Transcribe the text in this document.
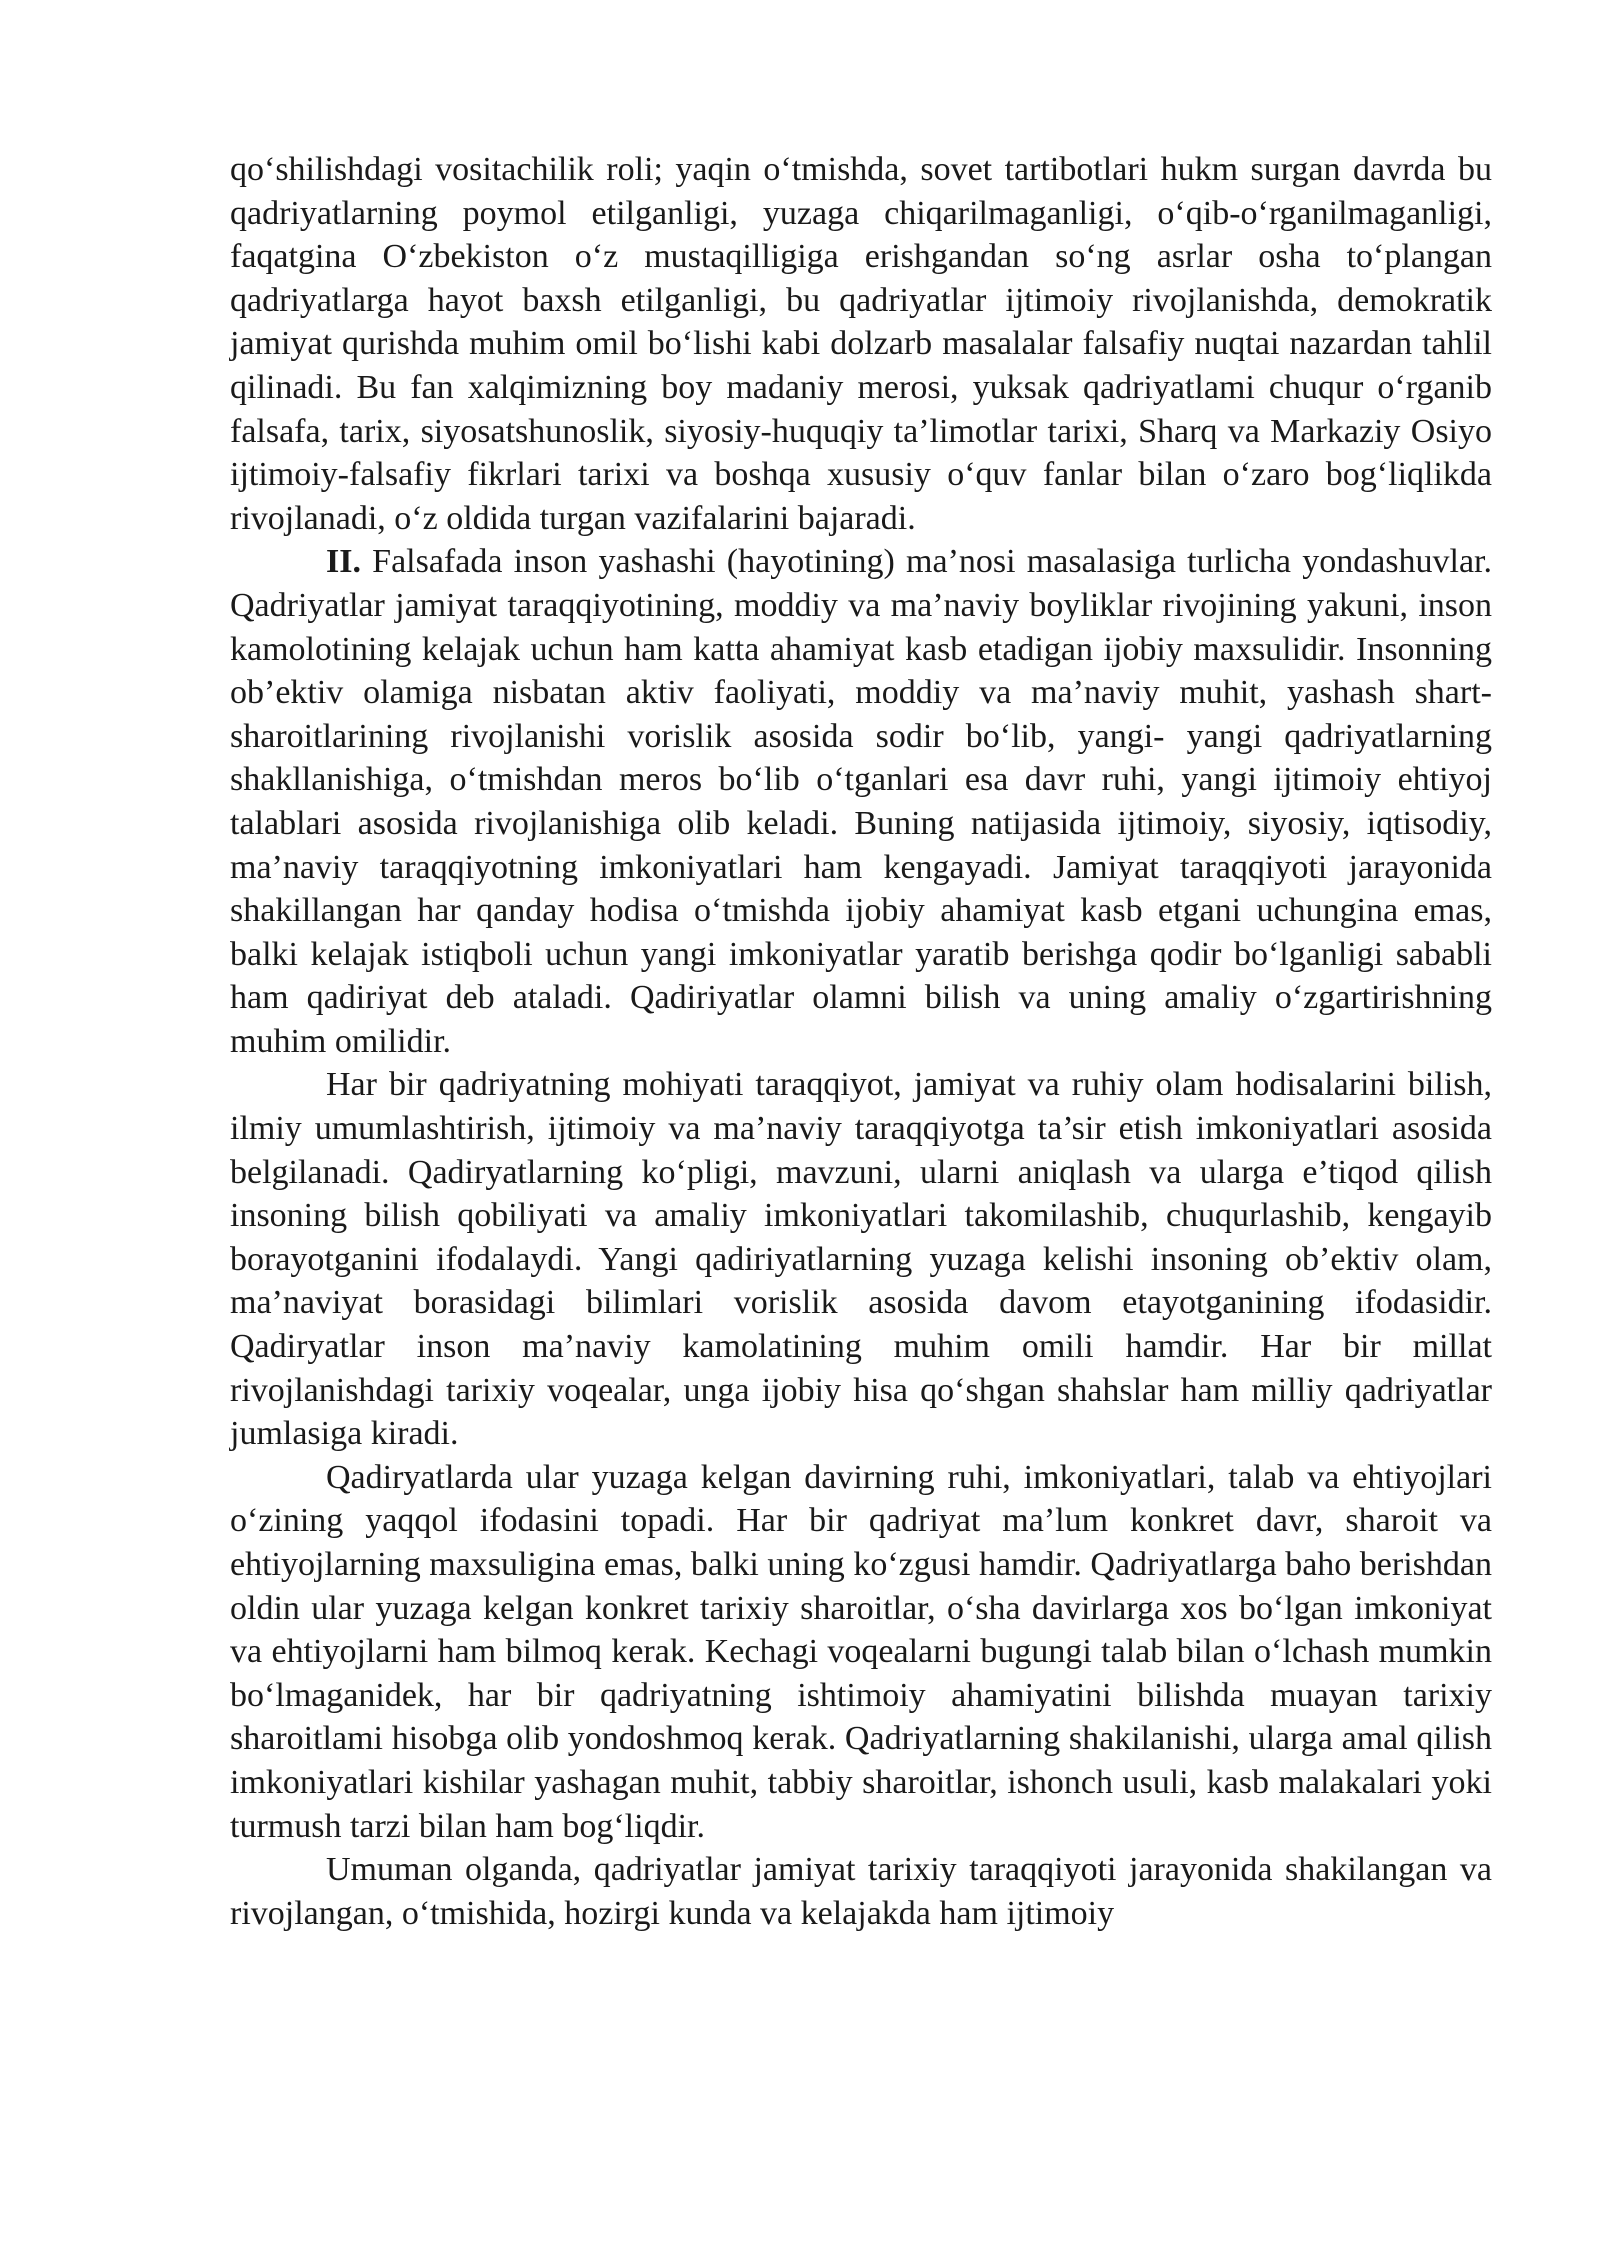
qo‘shilishdagi vositachilik roli; yaqin o‘tmishda, sovet tartibotlari hukm surgan davrda bu qadriyatlarning poymol etilganligi, yuzaga chiqarilmaganligi, o‘qib-o‘rganilmaganligi, faqatgina O‘zbekiston o‘z mustaqilligiga erishgandan so‘ng asrlar osha to‘plangan qadriyatlarga hayot baxsh etilganligi, bu qadriyatlar ijtimoiy rivojlanishda, demokratik jamiyat qurishda muhim omil bo‘lishi kabi dolzarb masalalar falsafiy nuqtai nazardan tahlil qilinadi. Bu fan xalqimizning boy madaniy merosi, yuksak qadriyatlami chuqur o‘rganib falsafa, tarix, siyosatshunoslik, siyosiy-huquqiy ta’limotlar tarixi, Sharq va Markaziy Osiyo ijtimoiy-falsafiy fikrlari tarixi va boshqa xususiy o‘quv fanlar bilan o‘zaro bog‘liqlikda rivojlanadi, o‘z oldida turgan vazifalarini bajaradi.

II. Falsafada inson yashashi (hayotining) ma’nosi masalasiga turlicha yondashuvlar. Qadriyatlar jamiyat taraqqiyotining, moddiy va ma’naviy boyliklar rivojining yakuni, inson kamolotining kelajak uchun ham katta ahamiyat kasb etadigan ijobiy maxsulidir. Insonning ob’ektiv olamiga nisbatan aktiv faoliyati, moddiy va ma’naviy muhit, yashash shart-sharoitlarining rivojlanishi vorislik asosida sodir bo‘lib, yangi- yangi qadriyatlarning shakllanishiga, o‘tmishdan meros bo‘lib o‘tganlari esa davr ruhi, yangi ijtimoiy ehtiyoj talablari asosida rivojlanishiga olib keladi. Buning natijasida ijtimoiy, siyosiy, iqtisodiy, ma’naviy taraqqiyotning imkoniyatlari ham kengayadi. Jamiyat taraqqiyoti jarayonida shakillangan har qanday hodisa o‘tmishda ijobiy ahamiyat kasb etgani uchungina emas, balki kelajak istiqboli uchun yangi imkoniyatlar yaratib berishga qodir bo‘lganligi sababli ham qadiriyat deb ataladi. Qadiriyatlar olamni bilish va uning amaliy o‘zgartirishning muhim omilidir.

Har bir qadriyatning mohiyati taraqqiyot, jamiyat va ruhiy olam hodisalarini bilish, ilmiy umumlashtirish, ijtimoiy va ma’naviy taraqqiyotga ta’sir etish imkoniyatlari asosida belgilanadi. Qadiryatlarning ko‘pligi, mavzuni, ularni aniqlash va ularga e’tiqod qilish insoning bilish qobiliyati va amaliy imkoniyatlari takomilashib, chuqurlashib, kengayib borayotganini ifodalaydi. Yangi qadiriyatlarning yuzaga kelishi insoning ob’ektiv olam, ma’naviyat borasidagi bilimlari vorislik asosida davom etayotganining ifodasidir. Qadiryatlar inson ma’naviy kamolatining muhim omili hamdir. Har bir millat rivojlanishdagi tarixiy voqealar, unga ijobiy hisa qo‘shgan shahslar ham milliy qadriyatlar jumlasiga kiradi.

Qadiryatlarda ular yuzaga kelgan davirning ruhi, imkoniyatlari, talab va ehtiyojlari o‘zining yaqqol ifodasini topadi. Har bir qadriyat ma’lum konkret davr, sharoit va ehtiyojlarning maxsuligina emas, balki uning ko‘zgusi hamdir. Qadriyatlarga baho berishdan oldin ular yuzaga kelgan konkret tarixiy sharoitlar, o‘sha davirlarga xos bo‘lgan imkoniyat va ehtiyojlarni ham bilmoq kerak. Kechagi voqealarni bugungi talab bilan o‘lchash mumkin bo‘lmaganidek, har bir qadriyatning ishtimoiy ahamiyatini bilishda muayan tarixiy sharoitlami hisobga olib yondoshmoq kerak. Qadriyatlarning shakilanishi, ularga amal qilish imkoniyatlari kishilar yashagan muhit, tabbiy sharoitlar, ishonch usuli, kasb malakalari yoki turmush tarzi bilan ham bog‘liqdir.

Umuman olganda, qadriyatlar jamiyat tarixiy taraqqiyoti jarayonida shakilangan va rivojlangan, o‘tmishida, hozirgi kunda va kelajakda ham ijtimoiy
